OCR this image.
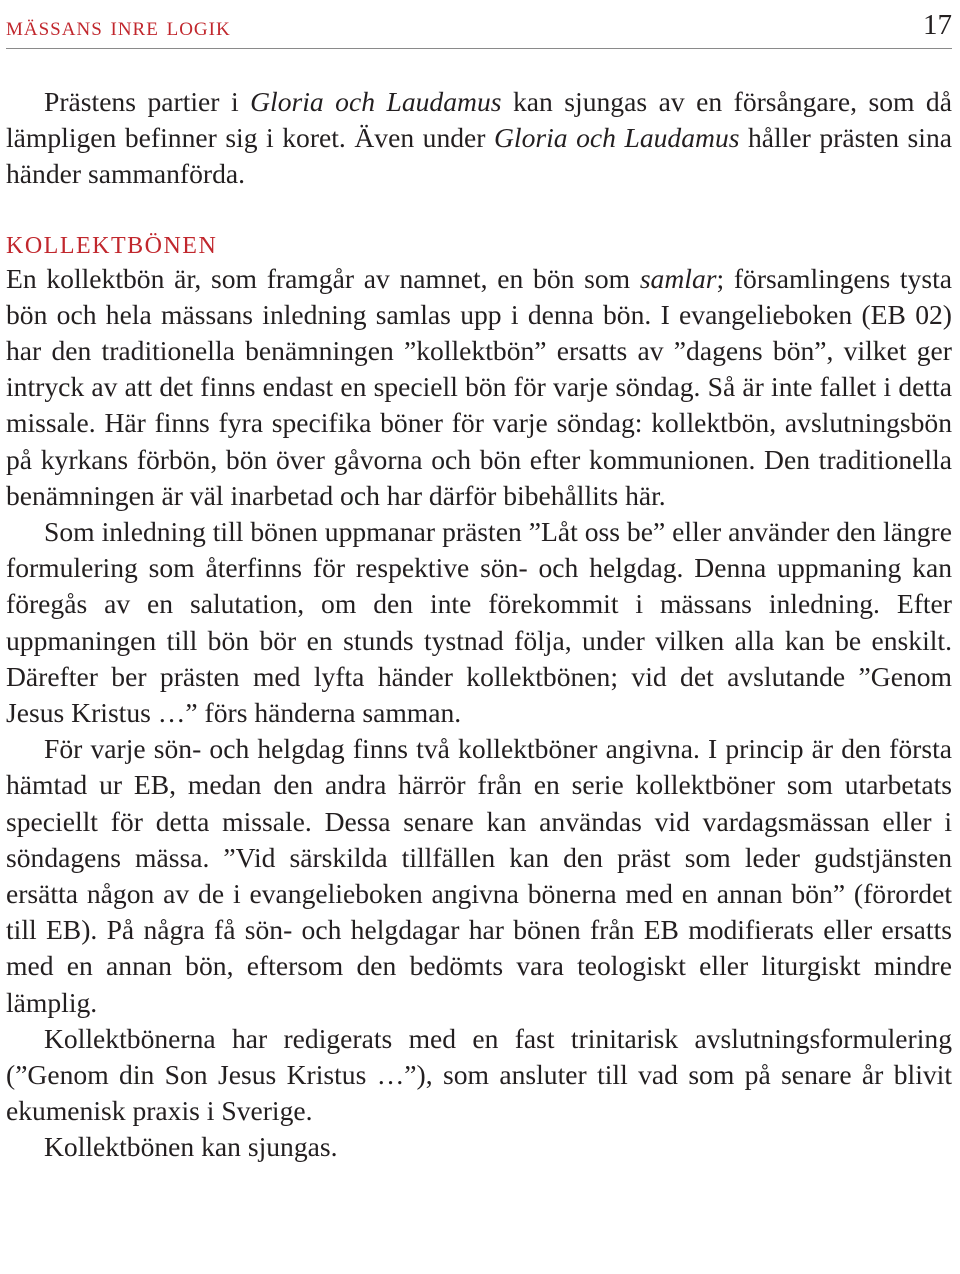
mässans inre logik	17

Prästens partier i Gloria och Laudamus kan sjungas av en försångare, som då lämpligen befinner sig i koret. Även under Gloria och Laudamus håller prästen sina händer sammanförda.

KOLLEKTBÖNEN

En kollektbön är, som framgår av namnet, en bön som samlar; församlingens tysta bön och hela mässans inledning samlas upp i denna bön. I evangelieboken (EB 02) har den traditionella benämningen ”kollektbön” ersatts av ”dagens bön”, vilket ger intryck av att det finns endast en speciell bön för varje söndag. Så är inte fallet i detta missale. Här finns fyra specifika böner för varje söndag: kollektbön, avslutningsbön på kyrkans förbön, bön över gåvorna och bön efter kommunionen. Den traditionella benämningen är väl inarbetad och har därför bibehållits här.

Som inledning till bönen uppmanar prästen ”Låt oss be” eller använder den längre formulering som återfinns för respektive sön- och helgdag. Denna uppmaning kan föregås av en salutation, om den inte förekommit i mässans inledning. Efter uppmaningen till bön bör en stunds tystnad följa, under vilken alla kan be enskilt. Därefter ber prästen med lyfta händer kollektbönen; vid det avslutande ”Genom Jesus Kristus …” förs händerna samman.

För varje sön- och helgdag finns två kollektböner angivna. I princip är den första hämtad ur EB, medan den andra härrör från en serie kollektböner som utarbetats speciellt för detta missale. Dessa senare kan användas vid vardagsmässan eller i söndagens mässa. ”Vid särskilda tillfällen kan den präst som leder gudstjänsten ersätta någon av de i evangelieboken angivna bönerna med en annan bön” (förordet till EB). På några få sön- och helgdagar har bönen från EB modifierats eller ersatts med en annan bön, eftersom den bedömts vara teologiskt eller liturgiskt mindre lämplig.

Kollektbönerna har redigerats med en fast trinitarisk avslutningsformulering (”Genom din Son Jesus Kristus …”), som ansluter till vad som på senare år blivit ekumenisk praxis i Sverige.

Kollektbönen kan sjungas.
